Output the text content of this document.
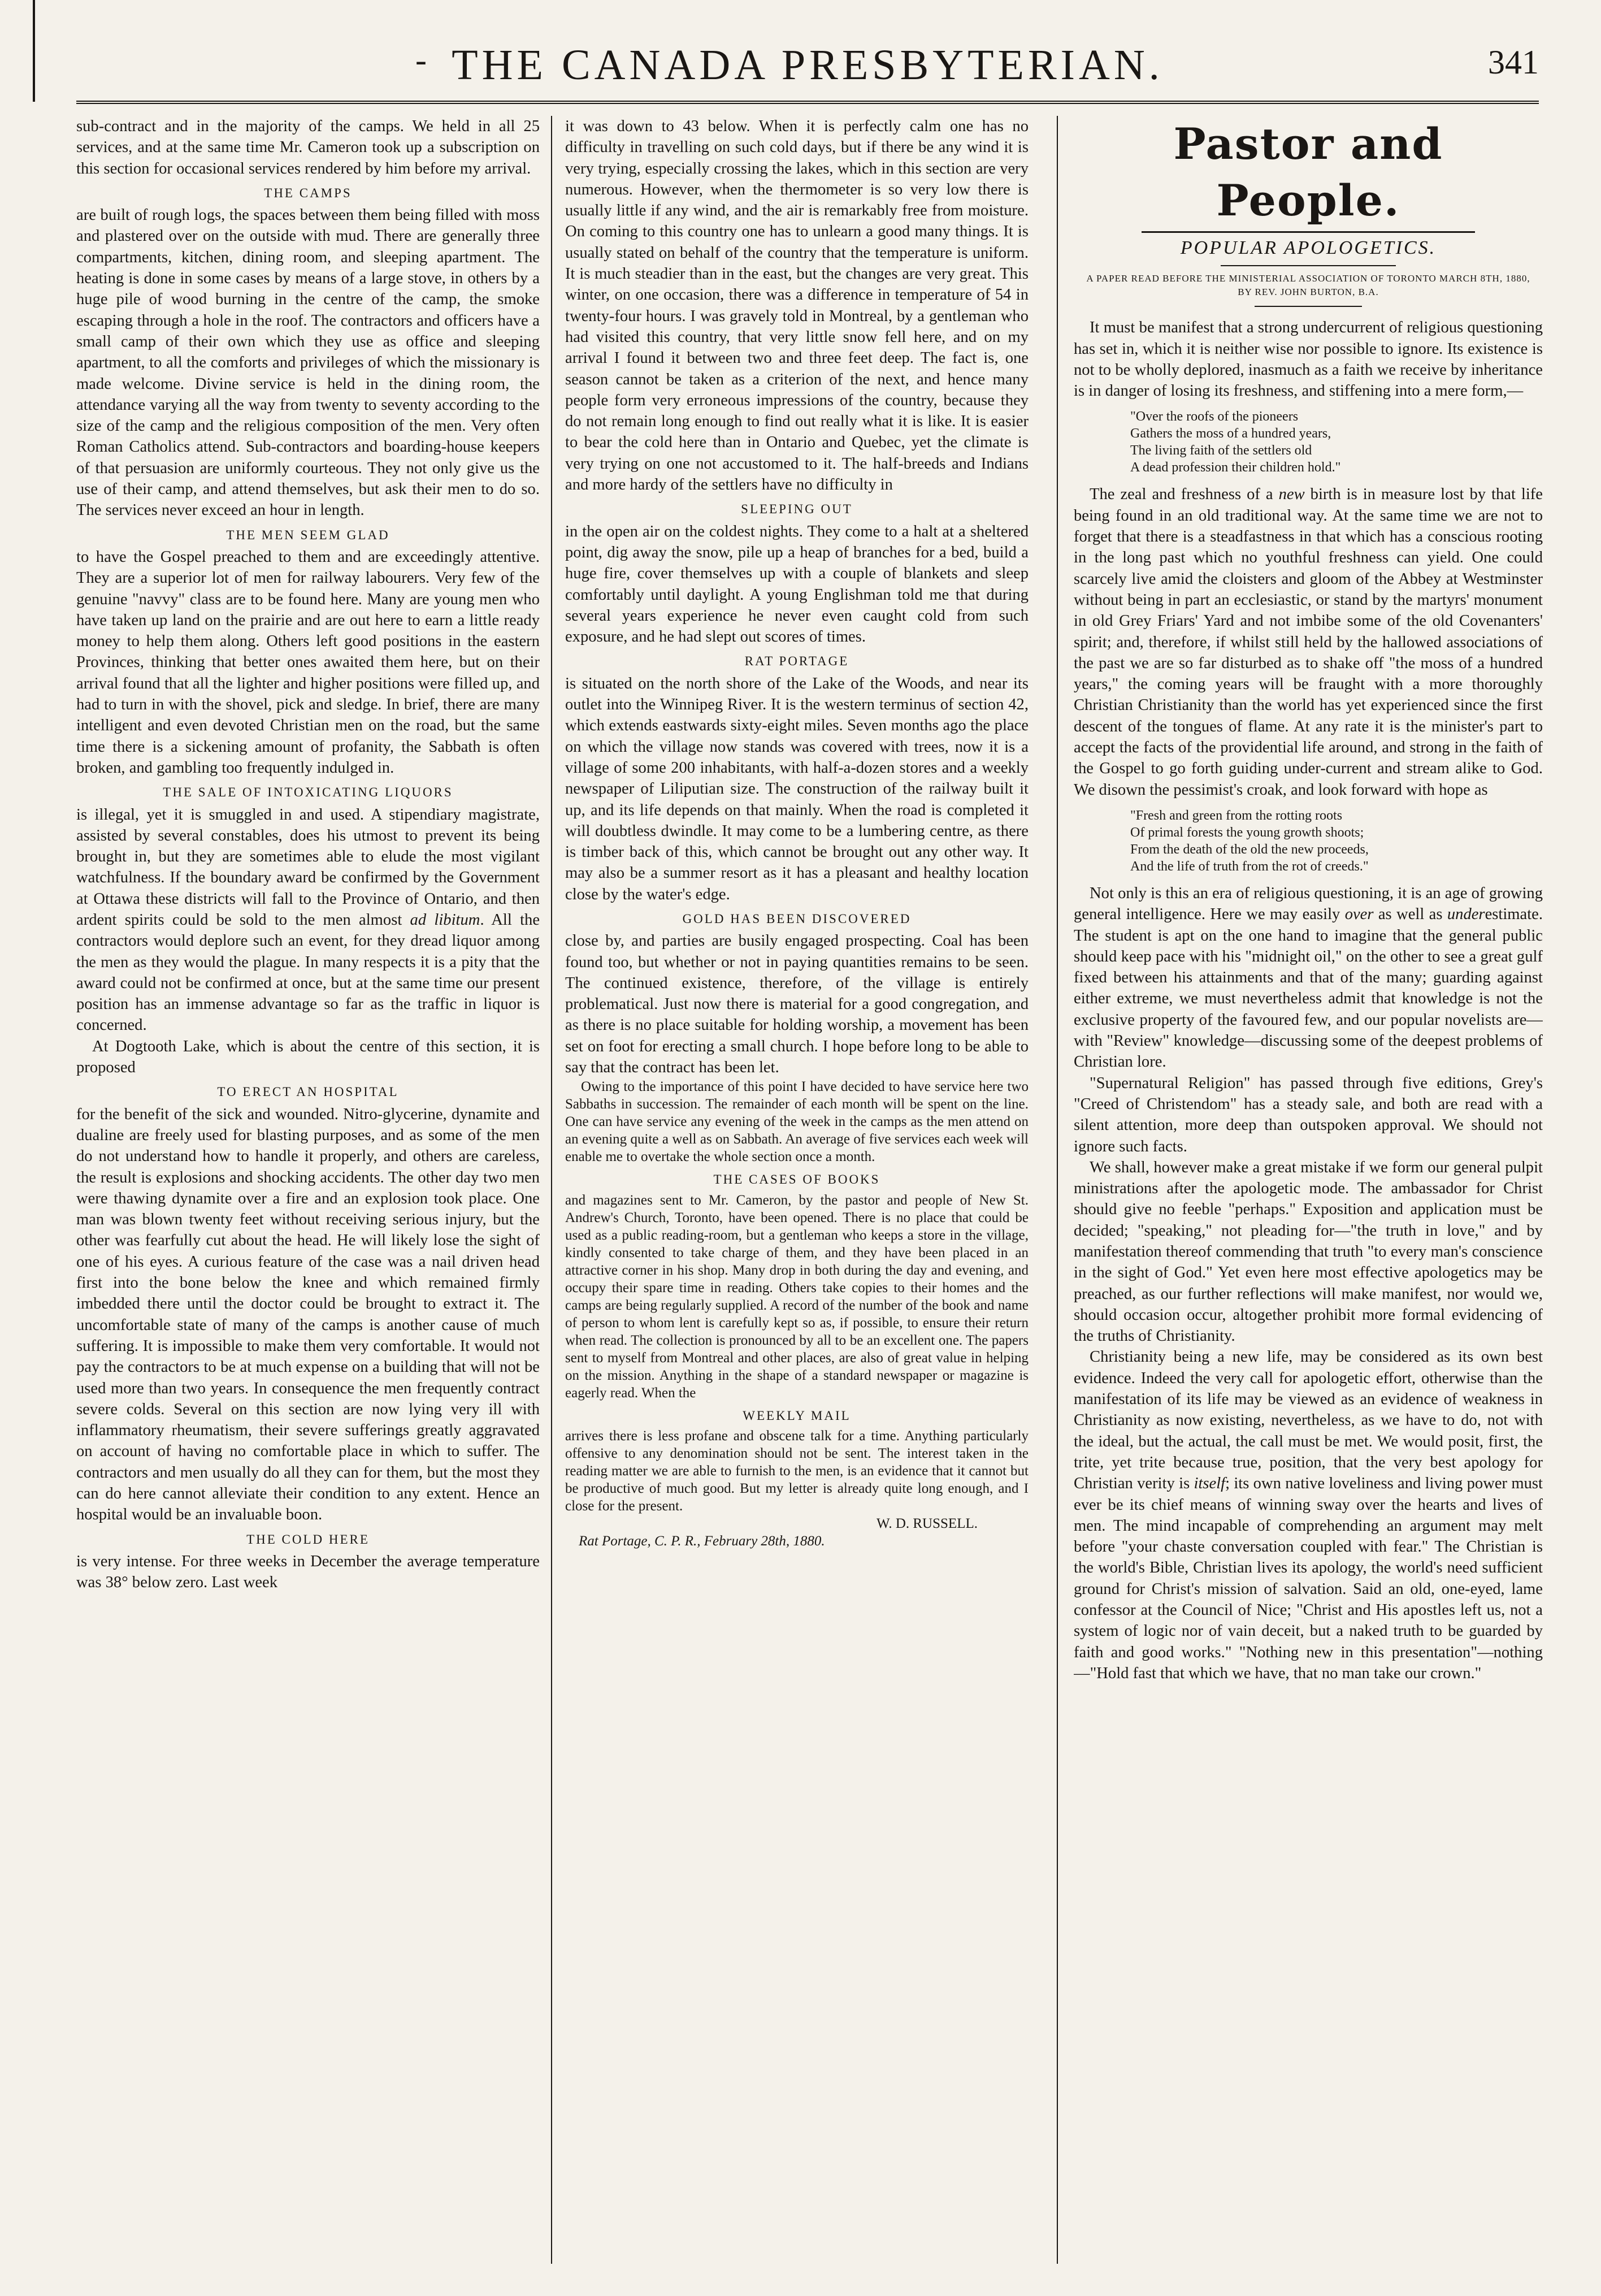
- THE CANADA PRESBYTERIAN.	341

sub-contract and in the majority of the camps. We held in all 25 services, and at the same time Mr. Cameron took up a subscription on this section for occasional services rendered by him before my arrival.

THE CAMPS

are built of rough logs, the spaces between them being filled with moss and plastered over on the outside with mud. There are generally three compartments, kitchen, dining room, and sleeping apartment. The heating is done in some cases by means of a large stove, in others by a huge pile of wood burning in the centre of the camp, the smoke escaping through a hole in the roof. The contractors and officers have a small camp of their own which they use as office and sleeping apartment, to all the comforts and privileges of which the missionary is made welcome. Divine service is held in the dining room, the attendance varying all the way from twenty to seventy according to the size of the camp and the religious composition of the men. Very often Roman Catholics attend. Sub-contractors and boarding-house keepers of that persuasion are uniformly courteous. They not only give us the use of their camp, and attend themselves, but ask their men to do so. The services never exceed an hour in length.

THE MEN SEEM GLAD

to have the Gospel preached to them and are exceedingly attentive. They are a superior lot of men for railway labourers. Very few of the genuine "navvy" class are to be found here. Many are young men who have taken up land on the prairie and are out here to earn a little ready money to help them along. Others left good positions in the eastern Provinces, thinking that better ones awaited them here, but on their arrival found that all the lighter and higher positions were filled up, and had to turn in with the shovel, pick and sledge. In brief, there are many intelligent and even devoted Christian men on the road, but the same time there is a sickening amount of profanity, the Sabbath is often broken, and gambling too frequently indulged in.

THE SALE OF INTOXICATING LIQUORS

is illegal, yet it is smuggled in and used. A stipendiary magistrate, assisted by several constables, does his utmost to prevent its being brought in, but they are sometimes able to elude the most vigilant watchfulness. If the boundary award be confirmed by the Government at Ottawa these districts will fall to the Province of Ontario, and then ardent spirits could be sold to the men almost ad libitum. All the contractors would deplore such an event, for they dread liquor among the men as they would the plague. In many respects it is a pity that the award could not be confirmed at once, but at the same time our present position has an immense advantage so far as the traffic in liquor is concerned.

At Dogtooth Lake, which is about the centre of this section, it is proposed

TO ERECT AN HOSPITAL

for the benefit of the sick and wounded. Nitro-glycerine, dynamite and dualine are freely used for blasting purposes, and as some of the men do not understand how to handle it properly, and others are careless, the result is explosions and shocking accidents. The other day two men were thawing dynamite over a fire and an explosion took place. One man was blown twenty feet without receiving serious injury, but the other was fearfully cut about the head. He will likely lose the sight of one of his eyes. A curious feature of the case was a nail driven head first into the bone below the knee and which remained firmly imbedded there until the doctor could be brought to extract it. The uncomfortable state of many of the camps is another cause of much suffering. It is impossible to make them very comfortable. It would not pay the contractors to be at much expense on a building that will not be used more than two years. In consequence the men frequently contract severe colds. Several on this section are now lying very ill with inflammatory rheumatism, their severe sufferings greatly aggravated on account of having no comfortable place in which to suffer. The contractors and men usually do all they can for them, but the most they can do here cannot alleviate their condition to any extent. Hence an hospital would be an invaluable boon.

THE COLD HERE

is very intense. For three weeks in December the average temperature was 38° below zero. Last week

it was down to 43 below. When it is perfectly calm one has no difficulty in travelling on such cold days, but if there be any wind it is very trying, especially crossing the lakes, which in this section are very numerous. However, when the thermometer is so very low there is usually little if any wind, and the air is remarkably free from moisture. On coming to this country one has to unlearn a good many things. It is usually stated on behalf of the country that the temperature is uniform. It is much steadier than in the east, but the changes are very great. This winter, on one occasion, there was a difference in temperature of 54 in twenty-four hours. I was gravely told in Montreal, by a gentleman who had visited this country, that very little snow fell here, and on my arrival I found it between two and three feet deep. The fact is, one season cannot be taken as a criterion of the next, and hence many people form very erroneous impressions of the country, because they do not remain long enough to find out really what it is like. It is easier to bear the cold here than in Ontario and Quebec, yet the climate is very trying on one not accustomed to it. The half-breeds and Indians and more hardy of the settlers have no difficulty in

SLEEPING OUT

in the open air on the coldest nights. They come to a halt at a sheltered point, dig away the snow, pile up a heap of branches for a bed, build a huge fire, cover themselves up with a couple of blankets and sleep comfortably until daylight. A young Englishman told me that during several years experience he never even caught cold from such exposure, and he had slept out scores of times.

RAT PORTAGE

is situated on the north shore of the Lake of the Woods, and near its outlet into the Winnipeg River. It is the western terminus of section 42, which extends eastwards sixty-eight miles. Seven months ago the place on which the village now stands was covered with trees, now it is a village of some 200 inhabitants, with half-a-dozen stores and a weekly newspaper of Liliputian size. The construction of the railway built it up, and its life depends on that mainly. When the road is completed it will doubtless dwindle. It may come to be a lumbering centre, as there is timber back of this, which cannot be brought out any other way. It may also be a summer resort as it has a pleasant and healthy location close by the water's edge.

GOLD HAS BEEN DISCOVERED

close by, and parties are busily engaged prospecting. Coal has been found too, but whether or not in paying quantities remains to be seen. The continued existence, therefore, of the village is entirely problematical. Just now there is material for a good congregation, and as there is no place suitable for holding worship, a movement has been set on foot for erecting a small church. I hope before long to be able to say that the contract has been let.

Owing to the importance of this point I have decided to have service here two Sabbaths in succession. The remainder of each month will be spent on the line. One can have service any evening of the week in the camps as the men attend on an evening quite a well as on Sabbath. An average of five services each week will enable me to overtake the whole section once a month.

THE CASES OF BOOKS

and magazines sent to Mr. Cameron, by the pastor and people of New St. Andrew's Church, Toronto, have been opened. There is no place that could be used as a public reading-room, but a gentleman who keeps a store in the village, kindly consented to take charge of them, and they have been placed in an attractive corner in his shop. Many drop in both during the day and evening, and occupy their spare time in reading. Others take copies to their homes and the camps are being regularly supplied. A record of the number of the book and name of person to whom lent is carefully kept so as, if possible, to ensure their return when read. The collection is pronounced by all to be an excellent one. The papers sent to myself from Montreal and other places, are also of great value in helping on the mission. Anything in the shape of a standard newspaper or magazine is eagerly read. When the

WEEKLY MAIL

arrives there is less profane and obscene talk for a time. Anything particularly offensive to any denomination should not be sent. The interest taken in the reading matter we are able to furnish to the men, is an evidence that it cannot but be productive of much good. But my letter is already quite long enough, and I close for the present.

W. D. RUSSELL.

Rat Portage, C. P. R., February 28th, 1880.

Pastor and People.
POPULAR APOLOGETICS.
A PAPER READ BEFORE THE MINISTERIAL ASSOCIATION OF TORONTO MARCH 8TH, 1880, BY REV. JOHN BURTON, B.A.

It must be manifest that a strong undercurrent of religious questioning has set in, which it is neither wise nor possible to ignore. Its existence is not to be wholly deplored, inasmuch as a faith we receive by inheritance is in danger of losing its freshness, and stiffening into a mere form,—

"Over the roofs of the pioneers
Gathers the moss of a hundred years,
The living faith of the settlers old
A dead profession their children hold."

The zeal and freshness of a new birth is in measure lost by that life being found in an old traditional way. At the same time we are not to forget that there is a steadfastness in that which has a conscious rooting in the long past which no youthful freshness can yield. One could scarcely live amid the cloisters and gloom of the Abbey at Westminster without being in part an ecclesiastic, or stand by the martyrs' monument in old Grey Friars' Yard and not imbibe some of the old Covenanters' spirit; and, therefore, if whilst still held by the hallowed associations of the past we are so far disturbed as to shake off "the moss of a hundred years," the coming years will be fraught with a more thoroughly Christian Christianity than the world has yet experienced since the first descent of the tongues of flame. At any rate it is the minister's part to accept the facts of the providential life around, and strong in the faith of the Gospel to go forth guiding under-current and stream alike to God. We disown the pessimist's croak, and look forward with hope as

"Fresh and green from the rotting roots
Of primal forests the young growth shoots;
From the death of the old the new proceeds,
And the life of truth from the rot of creeds."

Not only is this an era of religious questioning, it is an age of growing general intelligence. Here we may easily over as well as underestimate. The student is apt on the one hand to imagine that the general public should keep pace with his "midnight oil," on the other to see a great gulf fixed between his attainments and that of the many; guarding against either extreme, we must nevertheless admit that knowledge is not the exclusive property of the favoured few, and our popular novelists are—with "Review" knowledge—discussing some of the deepest problems of Christian lore.

"Supernatural Religion" has passed through five editions, Grey's "Creed of Christendom" has a steady sale, and both are read with a silent attention, more deep than outspoken approval. We should not ignore such facts.

We shall, however make a great mistake if we form our general pulpit ministrations after the apologetic mode. The ambassador for Christ should give no feeble "perhaps." Exposition and application must be decided; "speaking," not pleading for—"the truth in love," and by manifestation thereof commending that truth "to every man's conscience in the sight of God." Yet even here most effective apologetics may be preached, as our further reflections will make manifest, nor would we, should occasion occur, altogether prohibit more formal evidencing of the truths of Christianity.

Christianity being a new life, may be considered as its own best evidence. Indeed the very call for apologetic effort, otherwise than the manifestation of its life may be viewed as an evidence of weakness in Christianity as now existing, nevertheless, as we have to do, not with the ideal, but the actual, the call must be met. We would posit, first, the trite, yet trite because true, position, that the very best apology for Christian verity is itself; its own native loveliness and living power must ever be its chief means of winning sway over the hearts and lives of men. The mind incapable of comprehending an argument may melt before "your chaste conversation coupled with fear." The Christian is the world's Bible, Christian lives its apology, the world's need sufficient ground for Christ's mission of salvation. Said an old, one-eyed, lame confessor at the Council of Nice; "Christ and His apostles left us, not a system of logic nor of vain deceit, but a naked truth to be guarded by faith and good works." "Nothing new in this presentation"—nothing—"Hold fast that which we have, that no man take our crown."
